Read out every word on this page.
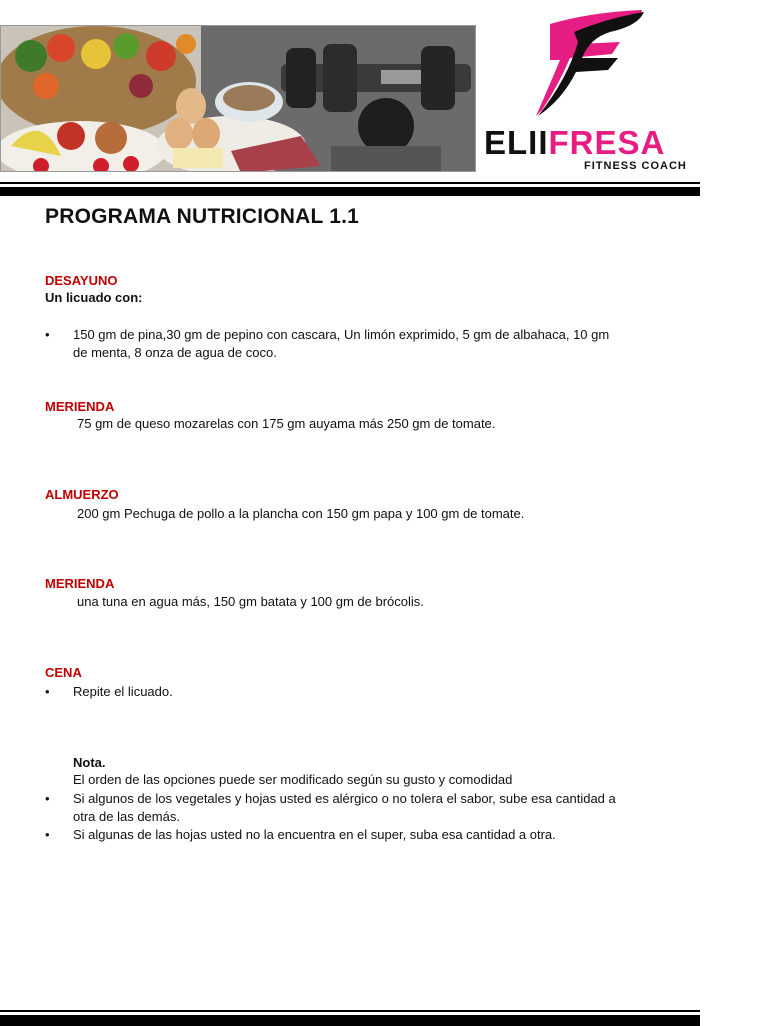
ELIIFRESA
FITNESS COACH
PROGRAMA NUTRICIONAL 1.1
DESAYUNO
Un licuado con:
• 150 gm de pina,30 gm de pepino con cascara, Un limón exprimido, 5 gm de albahaca, 10 gm
de menta, 8 onza de agua de coco.
MERIENDA
75 gm de queso mozarelas con 175 gm auyama más 250 gm de tomate.
ALMUERZO
200 gm Pechuga de pollo a la plancha con 150 gm papa y 100 gm de tomate.
MERIENDA
una tuna en agua más, 150 gm batata y 100 gm de brócolis.
CENA
• Repite el licuado.
Nota.
El orden de las opciones puede ser modificado según su gusto y comodidad
• Si algunos de los vegetales y hojas usted es alérgico o no tolera el sabor, sube esa cantidad a
otra de las demás.
• Si algunas de las hojas usted no la encuentra en el super, suba esa cantidad a otra.
